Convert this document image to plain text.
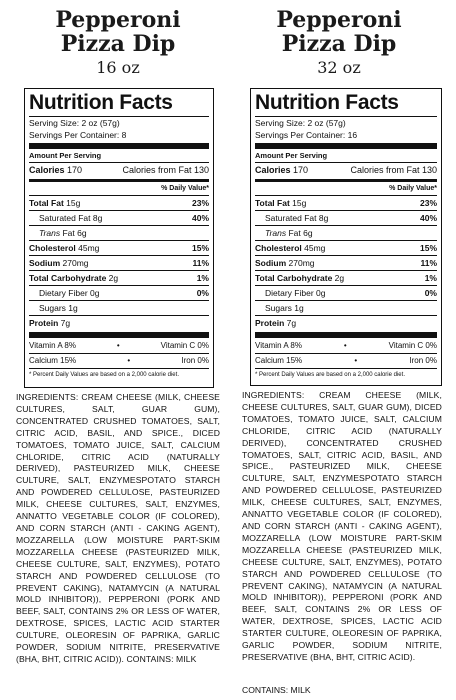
Pepperoni
Pizza Dip
16 oz
Nutrition Facts
Serving Size: 2 oz (57g)
Servings Per Container: 8
Amount Per Serving
Calories 170	Calories from Fat 130
% Daily Value*
Total Fat 15g	23%
Saturated Fat 8g	40%
Trans Fat 6g
Cholesterol 45mg	15%
Sodium 270mg	11%
Total Carbohydrate 2g	1%
Dietary Fiber 0g	0%
Sugars 1g
Protein 7g
Vitamin A 8%	•	Vitamin C 0%
Calcium 15%	•	Iron 0%
* Percent Daily Values are based on a 2,000 calorie diet.
INGREDIENTS: CREAM CHEESE (MILK, CHEESE CULTURES, SALT, GUAR GUM), CONCENTRATED CRUSHED TOMATOES, SALT, CITRIC ACID, BASIL, AND SPICE., DICED TOMATOES, TOMATO JUICE, SALT, CALCIUM CHLORIDE, CITRIC ACID (NATURALLY DERIVED), PASTEURIZED MILK, CHEESE CULTURE, SALT, ENZYMESPOTATO STARCH AND POWDERED CELLULOSE, PASTEURIZED MILK, CHEESE CULTURES, SALT, ENZYMES, ANNATTO VEGETABLE COLOR (IF COLORED), AND CORN STARCH (ANTI - CAKING AGENT), MOZZARELLA (LOW MOISTURE PART-SKIM MOZZARELLA CHEESE (PASTEURIZED MILK, CHEESE CULTURE, SALT, ENZYMES), POTATO STARCH AND POWDERED CELLULOSE (TO PREVENT CAKING), NATAMYCIN (A NATURAL MOLD INHIBITOR)), PEPPERONI (PORK AND BEEF, SALT, CONTAINS 2% OR LESS OF WATER, DEXTROSE, SPICES, LACTIC ACID STARTER CULTURE, OLEORESIN OF PAPRIKA, GARLIC POWDER, SODIUM NITRITE, PRESERVATIVE (BHA, BHT, CITRIC ACID)). CONTAINS: MILK
Pepperoni
Pizza Dip
32 oz
Nutrition Facts
Serving Size: 2 oz (57g)
Servings Per Container: 16
Amount Per Serving
Calories 170	Calories from Fat 130
% Daily Value*
Total Fat 15g	23%
Saturated Fat 8g	40%
Trans Fat 6g
Cholesterol 45mg	15%
Sodium 270mg	11%
Total Carbohydrate 2g	1%
Dietary Fiber 0g	0%
Sugars 1g
Protein 7g
Vitamin A 8%	•	Vitamin C 0%
Calcium 15%	•	Iron 0%
* Percent Daily Values are based on a 2,000 calorie diet.
INGREDIENTS: CREAM CHEESE (MILK, CHEESE CULTURES, SALT, GUAR GUM), DICED TOMATOES, TOMATO JUICE, SALT, CALCIUM CHLORIDE, CITRIC ACID (NATURALLY DERIVED), CONCENTRATED CRUSHED TOMATOES, SALT, CITRIC ACID, BASIL, AND SPICE., PASTEURIZED MILK, CHEESE CULTURE, SALT, ENZYMESPOTATO STARCH AND POWDERED CELLULOSE, PASTEURIZED MILK, CHEESE CULTURES, SALT, ENZYMES, ANNATTO VEGETABLE COLOR (IF COLORED), AND CORN STARCH (ANTI - CAKING AGENT), MOZZARELLA (LOW MOISTURE PART-SKIM MOZZARELLA CHEESE (PASTEURIZED MILK, CHEESE CULTURE, SALT, ENZYMES), POTATO STARCH AND POWDERED CELLULOSE (TO PREVENT CAKING), NATAMYCIN (A NATURAL MOLD INHIBITOR)), PEPPERONI (PORK AND BEEF, SALT, CONTAINS 2% OR LESS OF WATER, DEXTROSE, SPICES, LACTIC ACID STARTER CULTURE, OLEORESIN OF PAPRIKA, GARLIC POWDER, SODIUM NITRITE, PRESERVATIVE (BHA, BHT, CITRIC ACID).
CONTAINS: MILK
